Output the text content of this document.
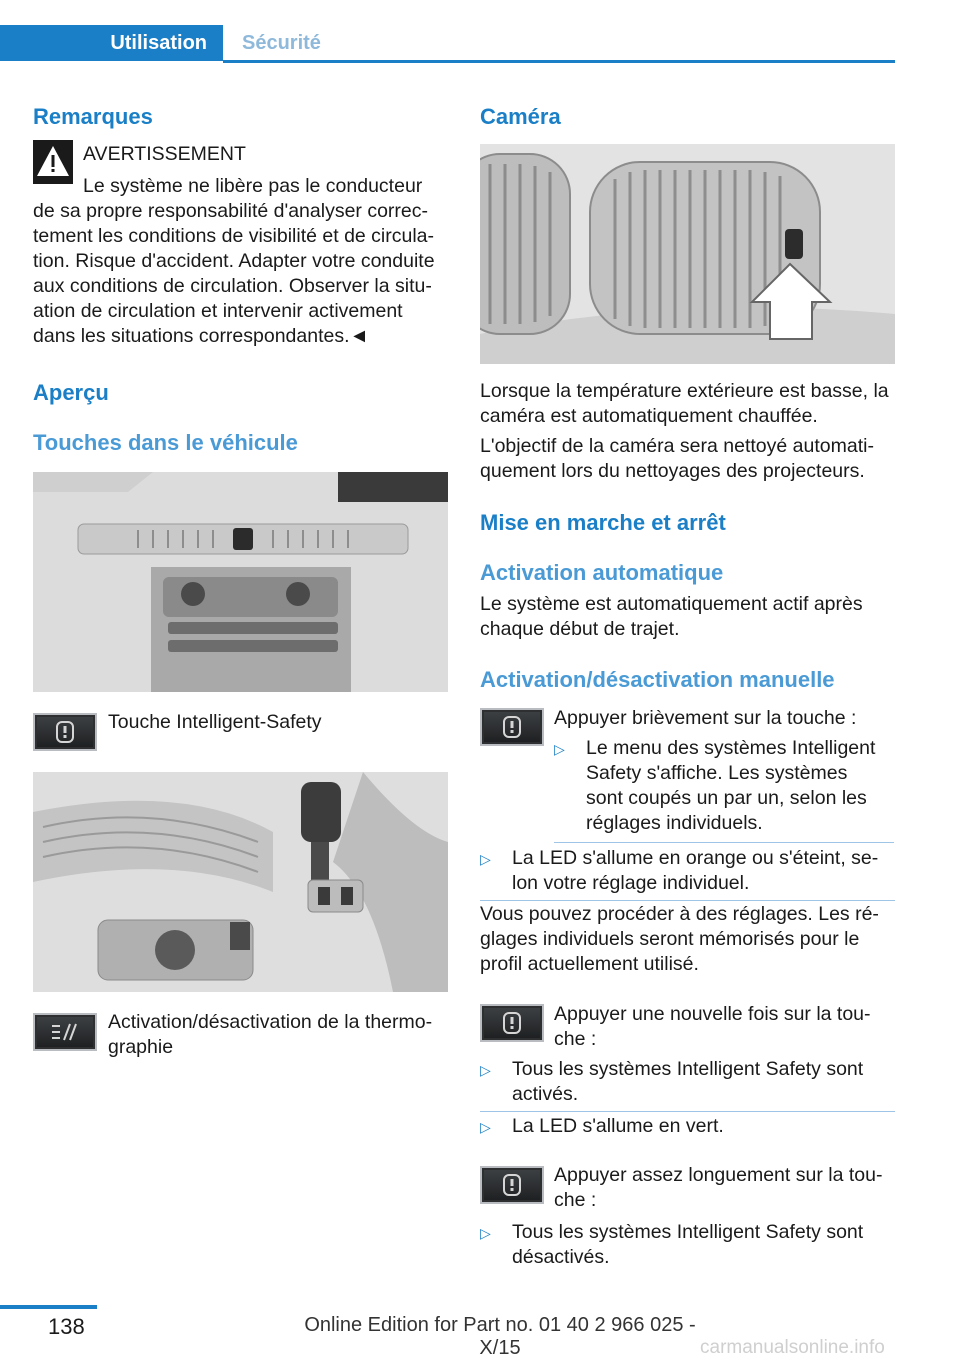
Utilisation	Sécurité
Remarques
AVERTISSEMENT
Le système ne libère pas le conducteur
de sa propre responsabilité d'analyser correc-
tement les conditions de visibilité et de circula-
tion. Risque d'accident. Adapter votre conduite
aux conditions de circulation. Observer la situ-
ation de circulation et intervenir activement
dans les situations correspondantes.◄
Aperçu
Touches dans le véhicule
Touche Intelligent-Safety
Activation/désactivation de la thermo-
graphie
Caméra
Lorsque la température extérieure est basse, la
caméra est automatiquement chauffée.
L'objectif de la caméra sera nettoyé automati-
quement lors du nettoyages des projecteurs.
Mise en marche et arrêt
Activation automatique
Le système est automatiquement actif après
chaque début de trajet.
Activation/désactivation manuelle
Appuyer brièvement sur la touche :
▷	Le menu des systèmes Intelligent
Safety s'affiche. Les systèmes
sont coupés un par un, selon les
réglages individuels.
▷	La LED s'allume en orange ou s'éteint, se-
lon votre réglage individuel.
Vous pouvez procéder à des réglages. Les ré-
glages individuels seront mémorisés pour le
profil actuellement utilisé.
Appuyer une nouvelle fois sur la tou-
che :
▷	Tous les systèmes Intelligent Safety sont
activés.
▷	La LED s'allume en vert.
Appuyer assez longuement sur la tou-
che :
▷	Tous les systèmes Intelligent Safety sont
désactivés.
138	Online Edition for Part no. 01 40 2 966 025 - X/15	carmanualsonline.info
